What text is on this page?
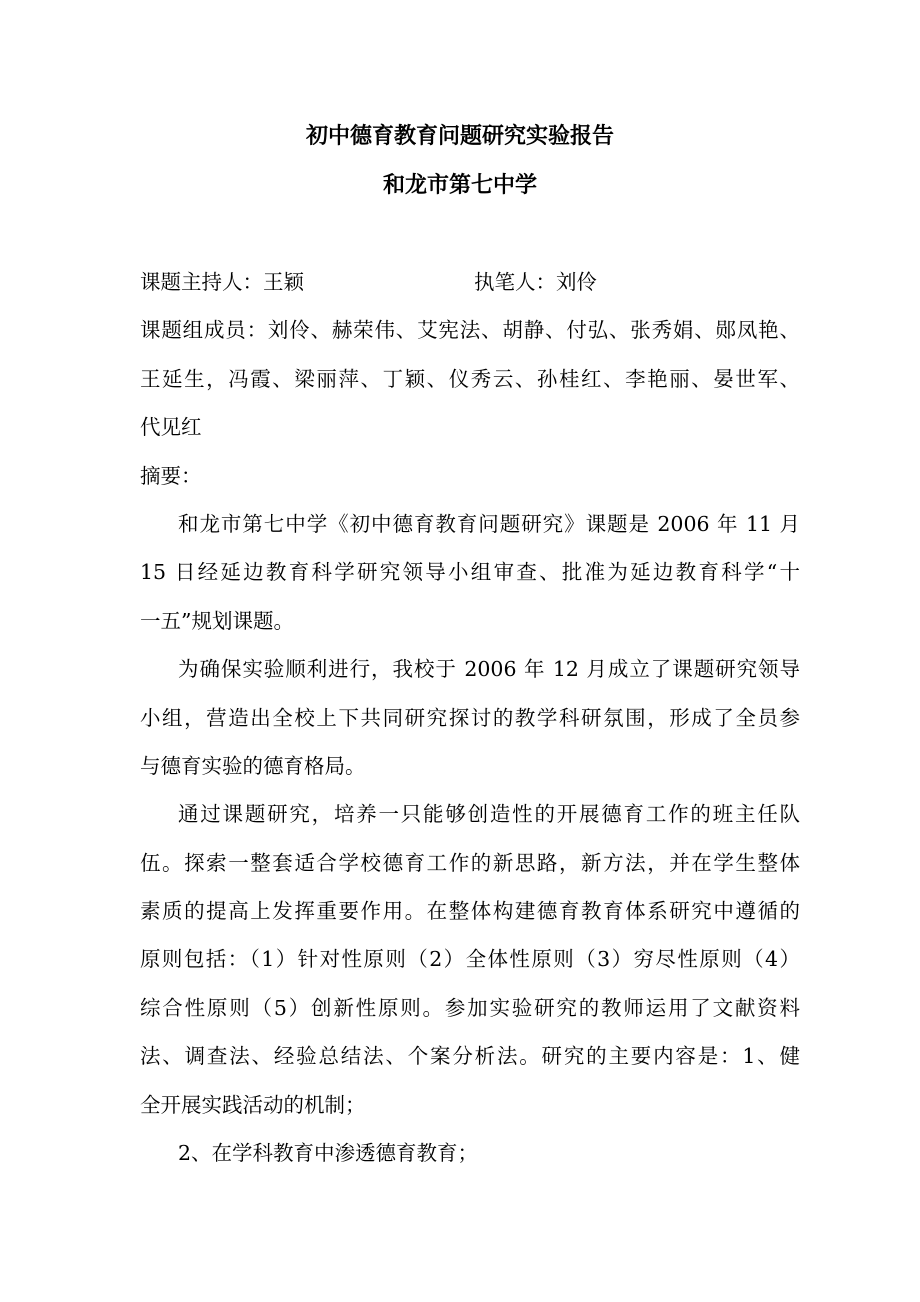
初中德育教育问题研究实验报告
和龙市第七中学
课题主持人：王颖	执笔人：刘伶
课题组成员：刘伶、赫荣伟、艾宪法、胡静、付弘、张秀娟、郧凤艳、
王延生，冯霞、梁丽萍、丁颖、仪秀云、孙桂红、李艳丽、晏世军、
代见红
摘要：
和龙市第七中学《初中德育教育问题研究》课题是 2006 年 11 月
15 日经延边教育科学研究领导小组审查、批准为延边教育科学“十
一五”规划课题。
为确保实验顺利进行，我校于 2006 年 12 月成立了课题研究领导
小组，营造出全校上下共同研究探讨的教学科研氛围，形成了全员参
与德育实验的德育格局。
通过课题研究，培养一只能够创造性的开展德育工作的班主任队
伍。探索一整套适合学校德育工作的新思路，新方法，并在学生整体
素质的提高上发挥重要作用。在整体构建德育教育体系研究中遵循的
原则包括：（1）针对性原则（2）全体性原则（3）穷尽性原则（4）
综合性原则（5）创新性原则。参加实验研究的教师运用了文献资料
法、调查法、经验总结法、个案分析法。研究的主要内容是：1、健
全开展实践活动的机制；
2、在学科教育中渗透德育教育；
